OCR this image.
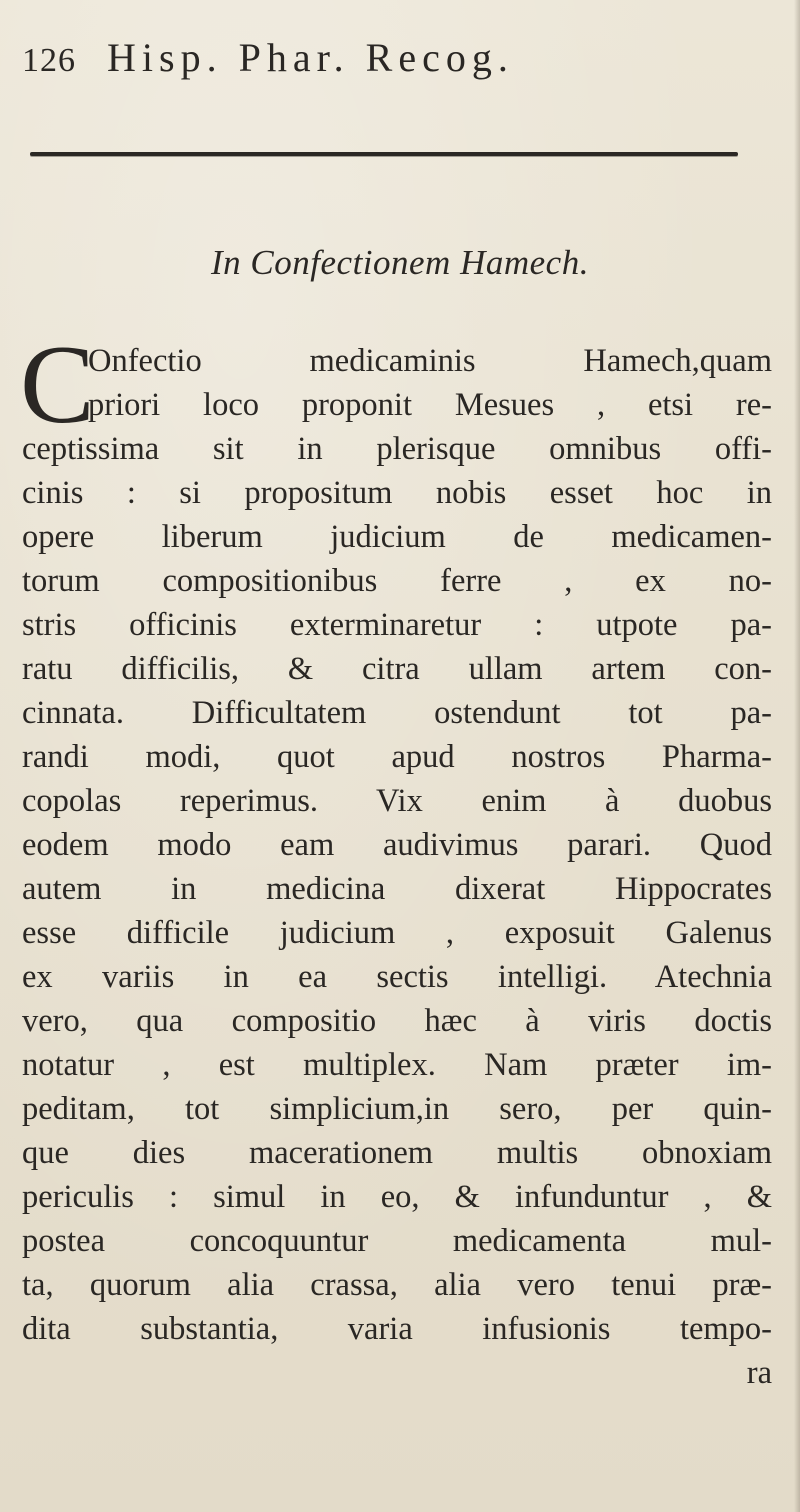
126 Hisp. Phar. Recog.
In Confectionem Hamech.
C
Onfectio medicaminis Hamech,quam
priori loco proponit Mesues , etsi re-
ceptissima sit in plerisque omnibus offi-
cinis : si propositum nobis esset hoc in
opere liberum judicium de medicamen-
torum compositionibus ferre , ex no-
stris officinis exterminaretur : utpote pa-
ratu difficilis, & citra ullam artem con-
cinnata. Difficultatem ostendunt tot pa-
randi modi, quot apud nostros Pharma-
copolas reperimus. Vix enim à duobus
eodem modo eam audivimus parari. Quod
autem in medicina dixerat Hippocrates
esse difficile judicium , exposuit Galenus
ex variis in ea sectis intelligi. Atechnia
vero, qua compositio hæc à viris doctis
notatur , est multiplex. Nam præter im-
peditam, tot simplicium,in sero, per quin-
que dies macerationem multis obnoxiam
periculis : simul in eo, & infunduntur , &
postea concoquuntur medicamenta mul-
ta, quorum alia crassa, alia vero tenui præ-
dita substantia, varia infusionis tempo-
ra
